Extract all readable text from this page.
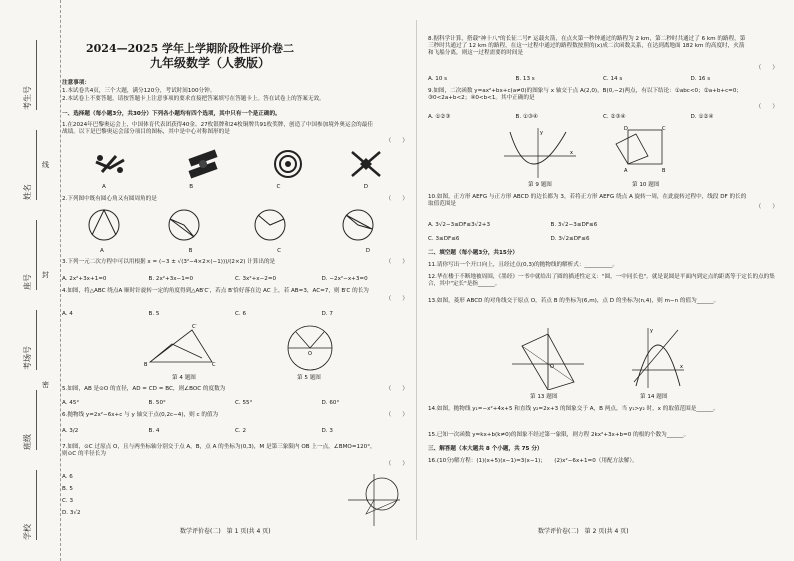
考生号
姓名
座号
考场号
班级
学校
线
封
密
2024—2025 学年上学期阶段性评价卷二
九年级数学（人教版）
注意事项：
1.本试卷共4页，三个大题，满分120分，考试时间100分钟。
2.本试卷上不要答题，请按答题卡上注意事项的要求直接把答案填写在答题卡上。答在试卷上的答案无效。
一、选择题（每小题3分，共30分）下列各小题均有四个选项，其中只有一个是正确的。
1.在2024年巴黎奥运会上，中国体育代表团获得40金、27枚银牌和24枚铜牌共91枚奖牌，创造了中国参加境外奥运会的最佳战绩。以下是巴黎奥运会部分项目的图标，其中是中心对称图形的是
（　　）
A	B	C	D
2.下列图中既有圆心角又有圆周角的是	（　　）
A	B	C	D
3.下列一元二次方程中可以用根据 x = (−3 ± √(3²−4×2×(−1)))/(2×2) 计算出的是	（　　）
A. 2x²+3x+1=0	B. 2x²+3x−1=0	C. 3x²+x−2=0	D. −2x²−x+3=0
4.如图，将△ABC 绕点A 顺时针旋转一定的角度得到△AB′C′，若点 B′恰好落在边 AC 上，若 AB=3，AC=7，则 B′C 的长为
（　　）
A. 4	B. 5	C. 6	D. 7
B	C
C′
第 4 题图
O
第 5 题图
5.如图，AB 是⊙O 的直径，AD = CD = BC，则∠BOC 的度数为	（　　）
A. 45°	B. 50°	C. 55°	D. 60°
6.抛物线 y=2x²−6x+c 与 y 轴交于点(0,2c−4)，则 c 的值为	（　　）
A. 3/2	B. 4	C. 2	D. 3
7.如图，⊙C 过原点 O，且与两坐标轴分别交于点 A，B，点 A 的坐标为(0,3)，M 是第三象限内 OB 上一点，∠BMO=120°，则⊙C 的半径长为
（　　）
A. 6
B. 5
C. 3
D. 3√2
数学评价卷(二)　第 1 页(共 4 页)
8.据科学计算，搭载"神十八"的长征二号F 运载火箭，在点火第一秒钟通过的路程为 2 km，第二秒时共通过了 6 km 的路程，第三秒时共通过了 12 km 的路程，在这一过程中通过的路程数按照的(x)成二次函数关系，在达到离地面 182 km 的高度时，火箭和飞船分离，则这一过程需要的时间是
（　　）
A. 10 s	B. 13 s	C. 14 s	D. 16 s
9.如图，二次函数 y=ax²+bx+c(a≠0)的图象与 x 轴交于点 A(2,0)，B(0,−2)两点，有以下结论：①abc<0；②a+b+c=0；③0<2a+b<2；④0<b<1。其中正确的是
（　　）
A. ①②③	B. ①③④	C. ②③④	D. ①②④
y
x
第 9 题图
A	B
C
D
第 10 题图
10.如图，正方形 AEFG 与正方形 ABCD 的边长都为 3，若将正方形 AEFG 绕点 A 旋转一周，在此旋转过程中，线段 DF 的长的取值范围是	（　　）
A. 3√2−3≤DF≤3√2+3	B. 3√2−3≤DF≤6
C. 3≤DF≤6	D. 3√2≤DF≤6
二、填空题（每小题3分，共15分）
11.请你写出一个开口向上，且经过点(0,3)的抛物线的解析式：__________。
12.华在楼于不断地被周围，《墨经》一书中就给出了圆的描述性定义："圆，一中同长也"。就是说圆是平面内到定点的距离等于定长的点的集合，其中"定长"是指______。
13.如图，菱形 ABCD 的对角线交于原点 O，若点 B 的坐标为(6,m)，点 D 的坐标为(n,4)，则 m−n 的值为______。
O
第 13 题图
y
x
第 14 题图
14.如图，抛物线 y₁=−x²+4x+5 和直线 y₂=2x+3 的图象交于 A，B 两点，当 y₁>y₂ 时，x 的取值范围是______。
15.已知一次函数 y=kx+b(k≠0)的图象不经过第一象限，则方程 2kx²+3x+b=0 的根的个数为______。
三、解答题（本大题共 8 个小题，共 75 分）
16.(10分)解方程：(1)(x+5)(x−1)=3(x−1)；　　(2)x²−6x+1=0（用配方法解）。
数学评价卷(二)　第 2 页(共 4 页)
